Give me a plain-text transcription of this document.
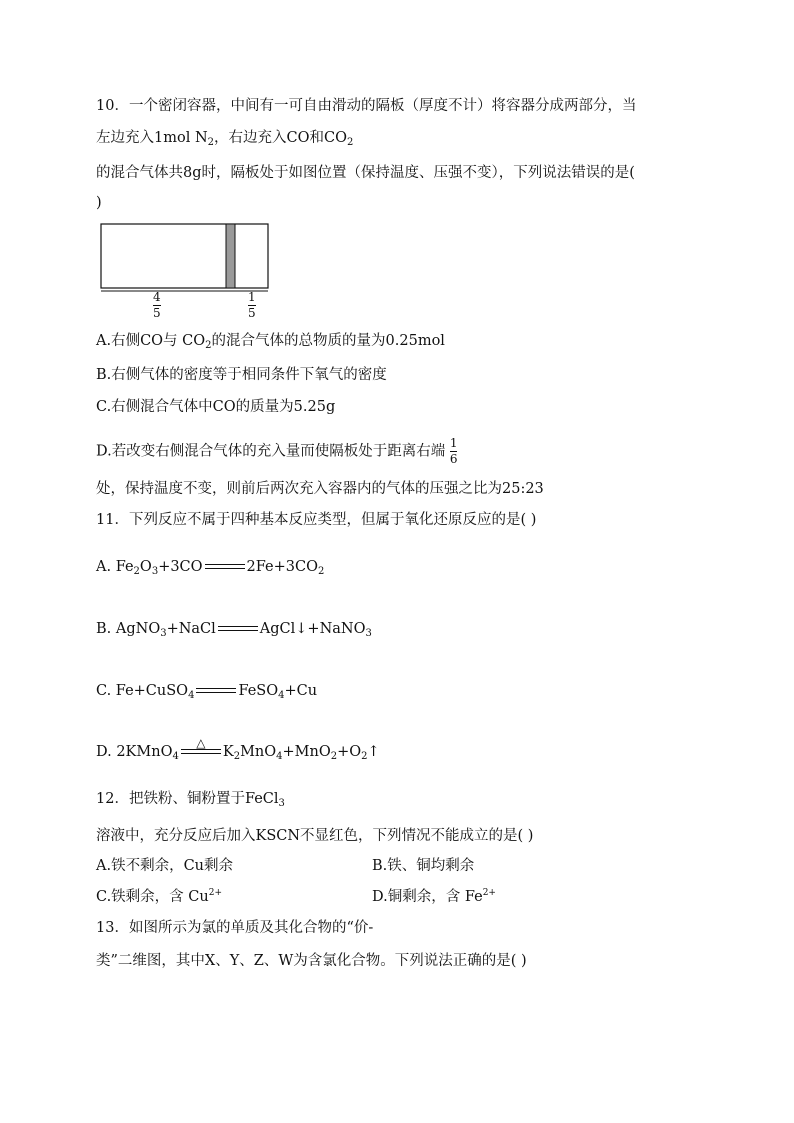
10．一个密闭容器，中间有一可自由滑动的隔板（厚度不计）将容器分成两部分，当
左边充入1mol $N_2$，右边充入CO和$CO_2$
的混合气体共8g时，隔板处于如图位置（保持温度、压强不变），下列说法错误的是(
)
4
5
1
5
A.右侧CO与 $CO_2$的混合气体的总物质的量为0.25mol
B.右侧气体的密度等于相同条件下氧气的密度
C.右侧混合气体中CO的质量为5.25g
D.若改变右侧混合气体的充入量而使隔板处于距离右端 $\frac{1}{6}$
处，保持温度不变，则前后两次充入容器内的气体的压强之比为25:23
11．下列反应不属于四种基本反应类型，但属于氧化还原反应的是( )
A. $Fe_2O_3+3CO$	$2Fe+3CO_2$
B. AgNO$_3$+NaCl	AgCl↓+NaNO$_3$
C. Fe+CuSO$_4$	FeSO$_4$+Cu
D. 2KMnO$_4$
△
$K_2MnO_4+MnO_2+O_2↑$
12．把铁粉、铜粉置于FeCl$_3$
溶液中，充分反应后加入KSCN不显红色，下列情况不能成立的是( )
A.铁不剩余，Cu剩余	B.铁、铜均剩余
C.铁剩余，含 $Cu^{2+}$	D.铜剩余，含 $Fe^{2+}$
13．如图所示为氯的单质及其化合物的“价-
类”二维图，其中X、Y、Z、W为含氯化合物。下列说法正确的是( )
